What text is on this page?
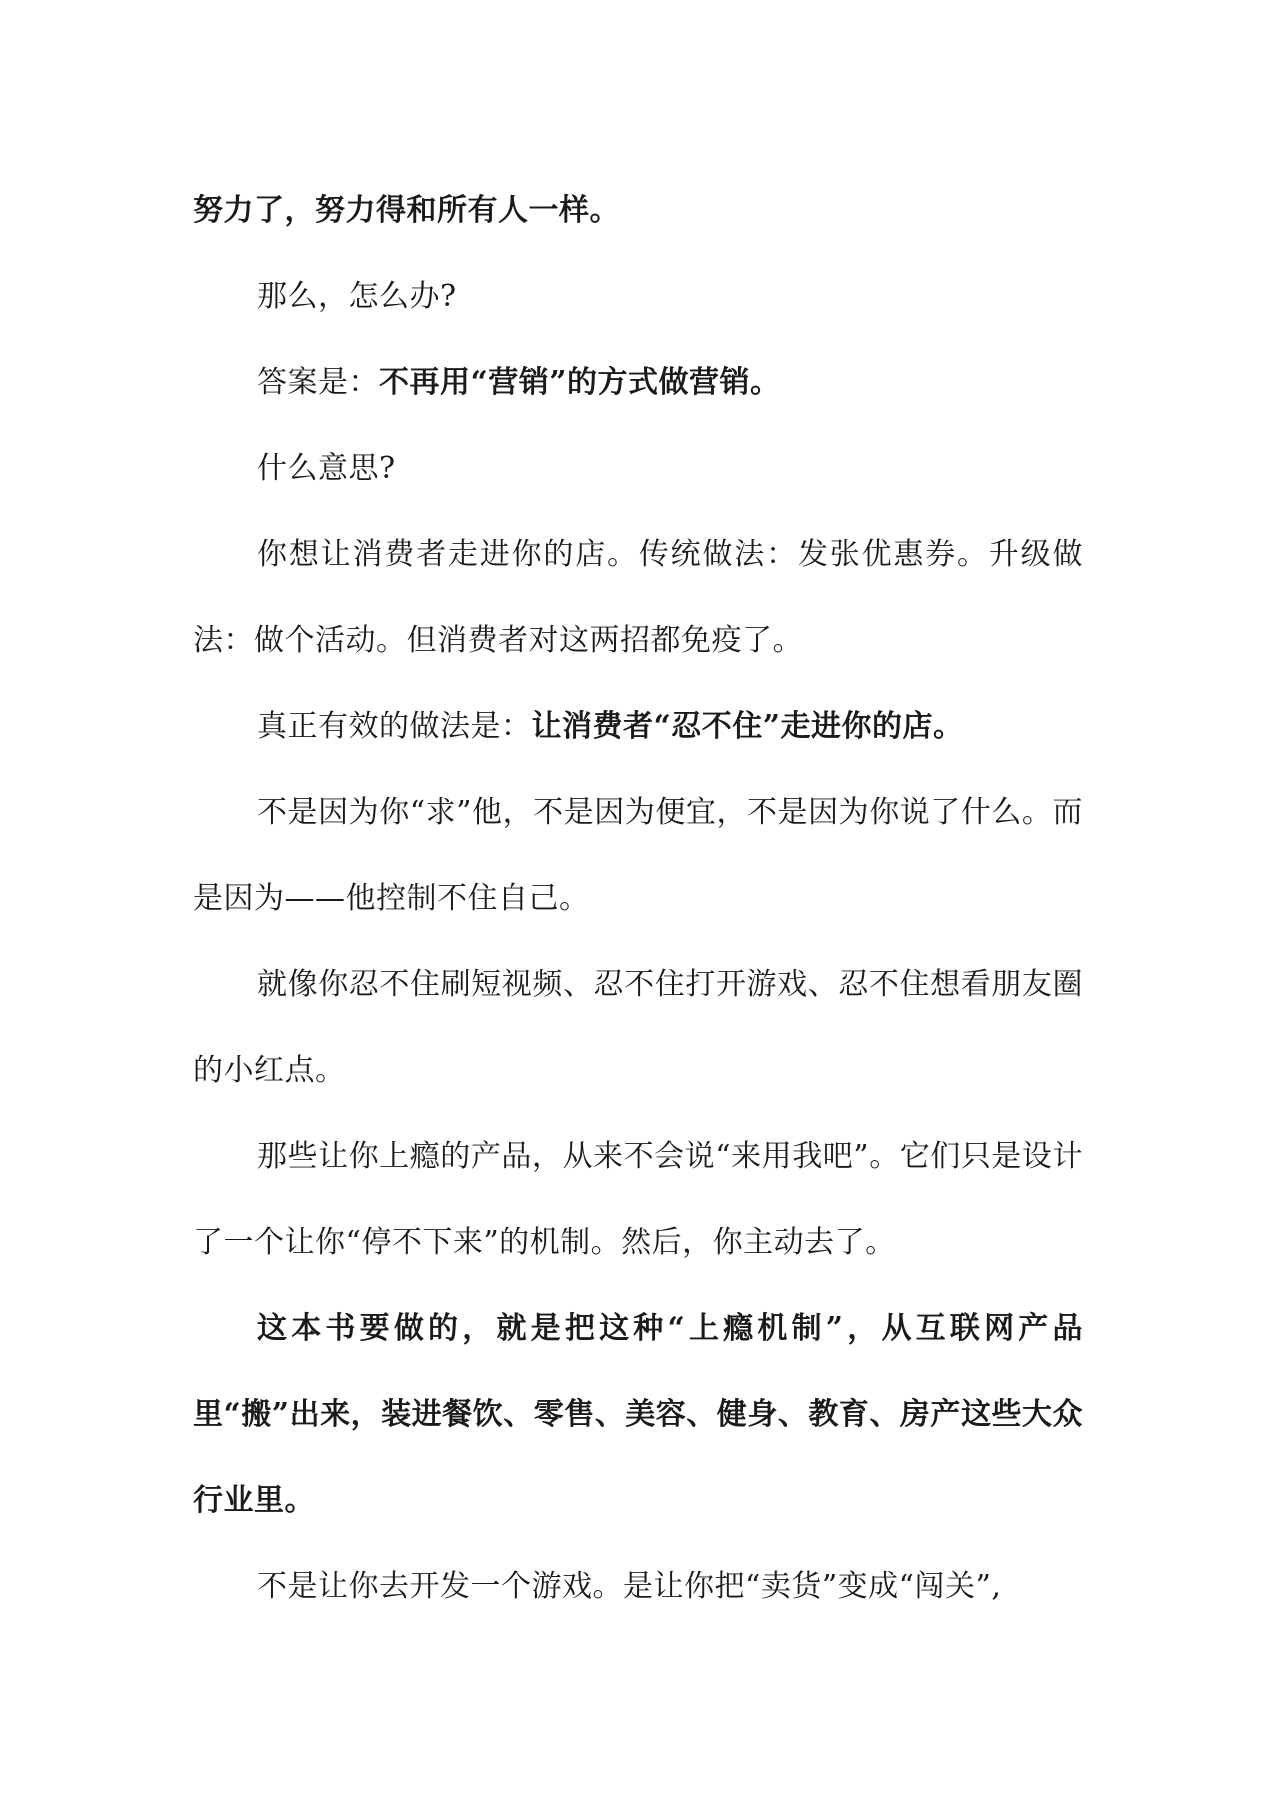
努力了，努力得和所有人一样。

那么，怎么办?

答案是：不再用“营销”的方式做营销。

什么意思?

你想让消费者走进你的店。传统做法：发张优惠券。升级做法：做个活动。但消费者对这两招都免疫了。

真正有效的做法是：让消费者“忍不住”走进你的店。

不是因为你“求”他，不是因为便宜，不是因为你说了什么。而是因为——他控制不住自己。

就像你忍不住刷短视频、忍不住打开游戏、忍不住想看朋友圈的小红点。

那些让你上瘾的产品，从来不会说“来用我吧”。它们只是设计了一个让你“停不下来”的机制。然后，你主动去了。

这本书要做的，就是把这种“上瘾机制”，从互联网产品里“搬”出来，装进餐饮、零售、美容、健身、教育、房产这些大众行业里。

不是让你去开发一个游戏。是让你把“卖货”变成“闯关”,
